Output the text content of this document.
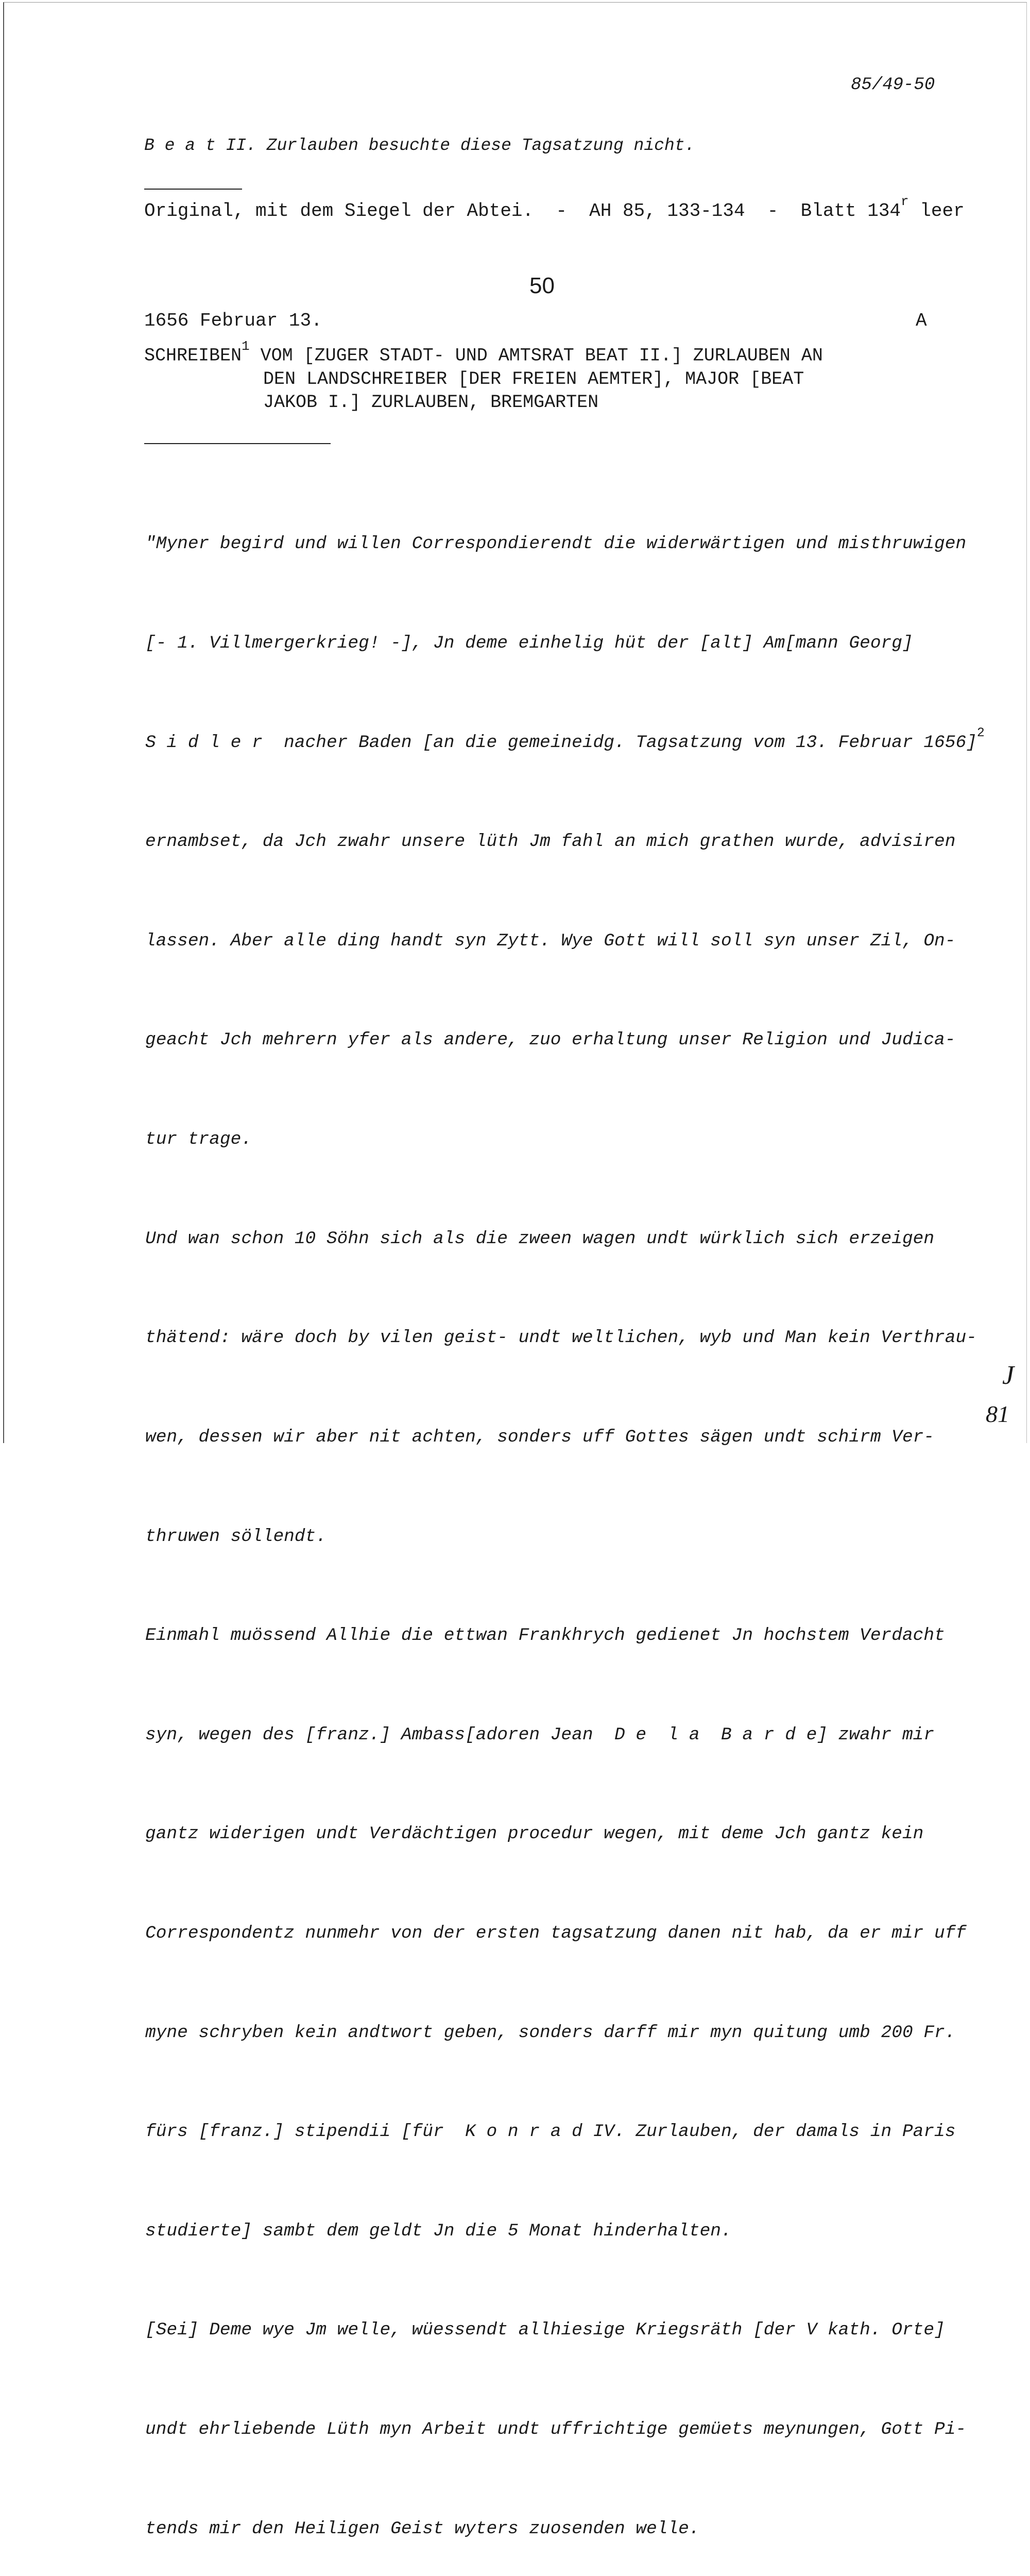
85/49-50
B e a t II. Zurlauben besuchte diese Tagsatzung nicht.
Original, mit dem Siegel der Abtei.  -  AH 85, 133-134  -  Blatt 134$^r$ leer
50
1656 Februar 13.	A
SCHREIBEN$^1$ VOM [ZUGER STADT- UND AMTSRAT BEAT II.] ZURLAUBEN AN
DEN LANDSCHREIBER [DER FREIEN AEMTER], MAJOR [BEAT
JAKOB I.] ZURLAUBEN, BREMGARTEN

"Myner begird und willen Correspondierendt die widerwärtigen und misthruwigen

[- 1. Villmergerkrieg! -], Jn deme einhelig hüt der [alt] Am[mann Georg]

S i d l e r  nacher Baden [an die gemeineidg. Tagsatzung vom 13. Februar 1656]$^2$

ernambset, da Jch zwahr unsere lüth Jm fahl an mich grathen wurde, advisiren

lassen. Aber alle ding handt syn Zytt. Wye Gott will soll syn unser Zil, On-

geacht Jch mehrern yfer als andere, zuo erhaltung unser Religion und Judica-

tur trage.

Und wan schon 10 Söhn sich als die zween wagen undt würklich sich erzeigen

thätend: wäre doch by vilen geist- undt weltlichen, wyb und Man kein Verthrau-

wen, dessen wir aber nit achten, sonders uff Gottes sägen undt schirm Ver-

thruwen söllendt.

Einmahl muössend Allhie die ettwan Frankhrych gedienet Jn hochstem Verdacht

syn, wegen des [franz.] Ambass[adoren Jean  D e  l a  B a r d e] zwahr mir

gantz widerigen undt Verdächtigen procedur wegen, mit deme Jch gantz kein

Correspondentz nunmehr von der ersten tagsatzung danen nit hab, da er mir uff

myne schryben kein andtwort geben, sonders darff mir myn quitung umb 200 Fr.

fürs [franz.] stipendii [für  K o n r a d IV. Zurlauben, der damals in Paris

studierte] sambt dem geldt Jn die 5 Monat hinderhalten.

[Sei] Deme wye Jm welle, wüessendt allhiesige Kriegsräth [der V kath. Orte]

undt ehrliebende Lüth myn Arbeit undt uffrichtige gemüets meynungen, Gott Pi-

tends mir den Heiligen Geist wyters zuosenden welle.

J
81
